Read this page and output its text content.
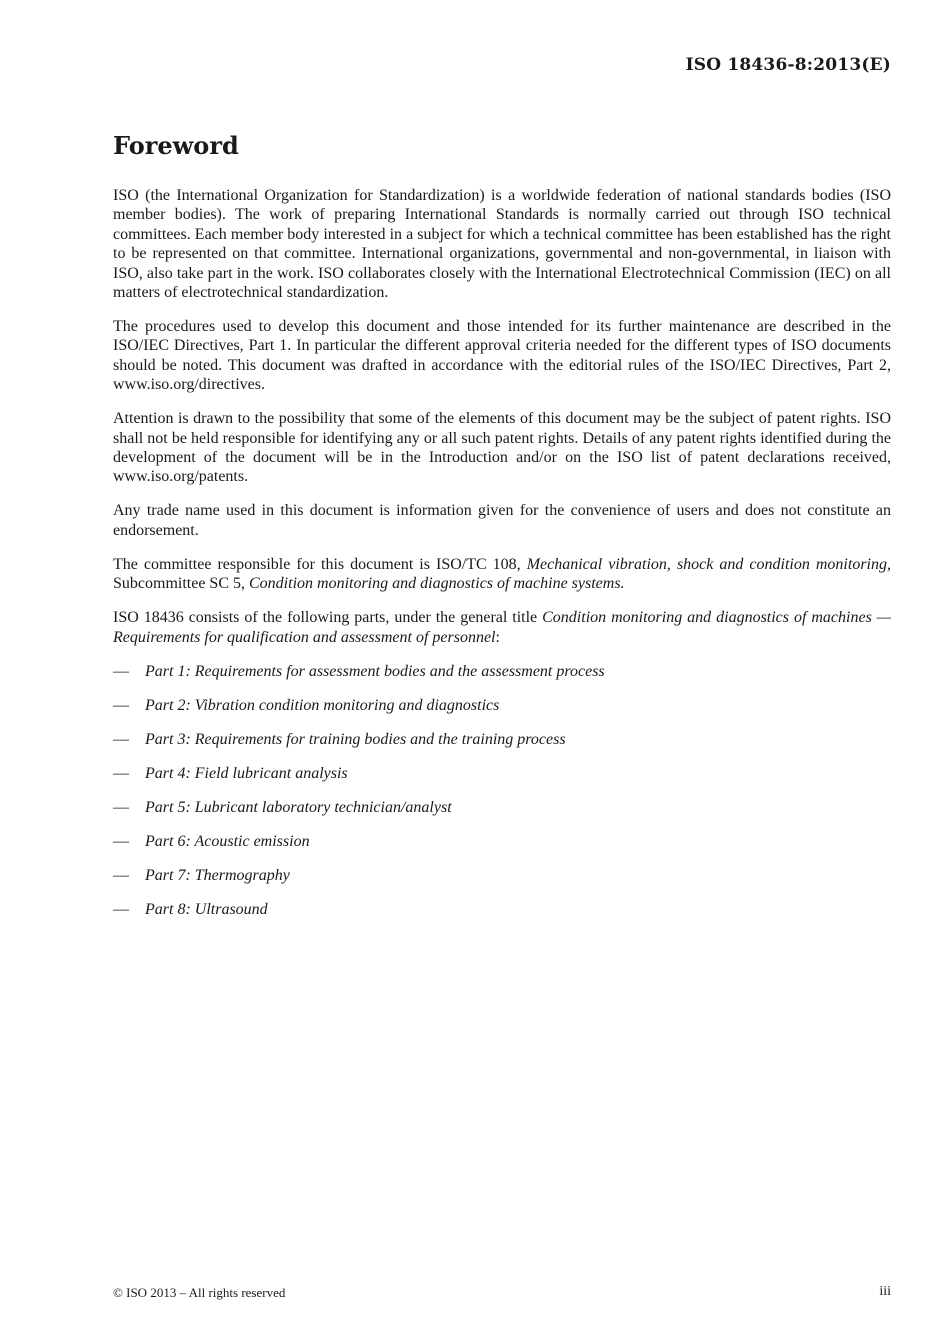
ISO 18436-8:2013(E)
Foreword

ISO (the International Organization for Standardization) is a worldwide federation of national standards bodies (ISO member bodies). The work of preparing International Standards is normally carried out through ISO technical committees. Each member body interested in a subject for which a technical committee has been established has the right to be represented on that committee. International organizations, governmental and non-governmental, in liaison with ISO, also take part in the work. ISO collaborates closely with the International Electrotechnical Commission (IEC) on all matters of electrotechnical standardization.

The procedures used to develop this document and those intended for its further maintenance are described in the ISO/IEC Directives, Part 1. In particular the different approval criteria needed for the different types of ISO documents should be noted. This document was drafted in accordance with the editorial rules of the ISO/IEC Directives, Part 2, www.iso.org/directives.

Attention is drawn to the possibility that some of the elements of this document may be the subject of patent rights. ISO shall not be held responsible for identifying any or all such patent rights. Details of any patent rights identified during the development of the document will be in the Introduction and/or on the ISO list of patent declarations received, www.iso.org/patents.

Any trade name used in this document is information given for the convenience of users and does not constitute an endorsement.

The committee responsible for this document is ISO/TC 108, Mechanical vibration, shock and condition monitoring, Subcommittee SC 5, Condition monitoring and diagnostics of machine systems.

ISO 18436 consists of the following parts, under the general title Condition monitoring and diagnostics of machines — Requirements for qualification and assessment of personnel:

— Part 1: Requirements for assessment bodies and the assessment process
— Part 2: Vibration condition monitoring and diagnostics
— Part 3: Requirements for training bodies and the training process
— Part 4: Field lubricant analysis
— Part 5: Lubricant laboratory technician/analyst
— Part 6: Acoustic emission
— Part 7: Thermography
— Part 8: Ultrasound
© ISO 2013 – All rights reserved	iii
